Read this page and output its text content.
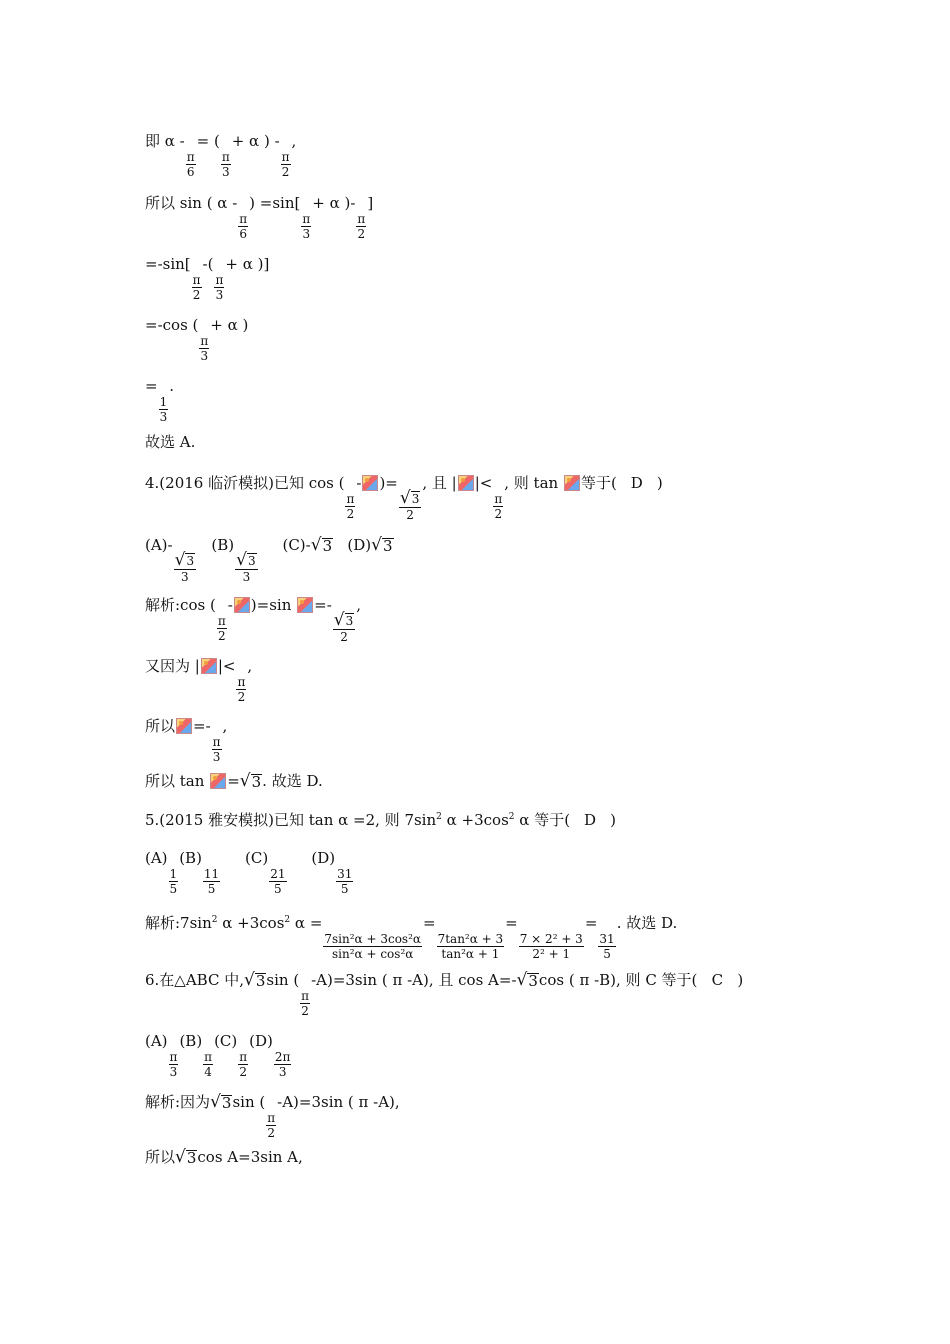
即 α -
$\frac{\pi}{6}$
= (
$\frac{\pi}{3}$
+ α ) -
$\frac{\pi}{2}$
,
所以 sin ( α -
$\frac{\pi}{6}$
) =sin[
$\frac{\pi}{3}$
+ α )-
$\frac{\pi}{2}$
]
=-sin[
$\frac{\pi}{2}$
-(
$\frac{\pi}{3}$
+ α )]
=-cos (
$\frac{\pi}{3}$
+ α )
=
$\frac{1}{3}$
.
故选 A.
4.(2016 临沂模拟)已知 cos (
$\frac{\pi}{2}$
- )=
$\frac{√ 3}{2}$
, 且 | |<
$\frac{\pi}{2}$
, 则 tan 等于( D )
(A)-
$\frac{√ 3}{3}$
(B)
$\frac{√ 3}{3}$
(C)- √ 3 (D) √ 3
解析:cos (
$\frac{\pi}{2}$
- )=sin =-
$\frac{√ 3}{2}$
,
又因为 | |<
$\frac{\pi}{2}$
,
所以 =-
$\frac{\pi}{3}$
,
所以 tan = √ 3 . 故选 D.
5.(2015 雅安模拟)已知 tan α =2, 则 $7\sin^2$ $\alpha +3\cos^2$ α 等于( D )
(A)
$\frac{1}{5}$
(B)
$\frac{11}{5}$
(C)
$\frac{21}{5}$
(D)
$\frac{31}{5}$
解析$:7\sin^2$ $\alpha +3\cos^2$ α =
$\frac{\text{7sin²α + 3cos²α}}{\text{sin²α + cos²α}}$
=
$\frac{\text{7tan²α + 3}}{\text{tan²α + 1}}$
=
$\frac{\text{7 × 2² + 3}}{\text{2² + 1}}$
=
$\frac{31}{5}$
. 故选 D.
6.在△ABC 中, √ 3 sin (
$\frac{\pi}{2}$
-A)=3sin ( π -A), 且 cos A=- √ 3 cos ( π -B), 则 C 等于( C )
(A)
$\frac{\pi}{3}$
(B)
$\frac{\pi}{4}$
(C)
$\frac{\pi}{2}$
(D)
$\frac{2\pi}{3}$
解析:因为 √ 3 sin (
$\frac{\pi}{2}$
-A)=3sin ( π -A),
所以 √ 3 cos A=3sin A,
